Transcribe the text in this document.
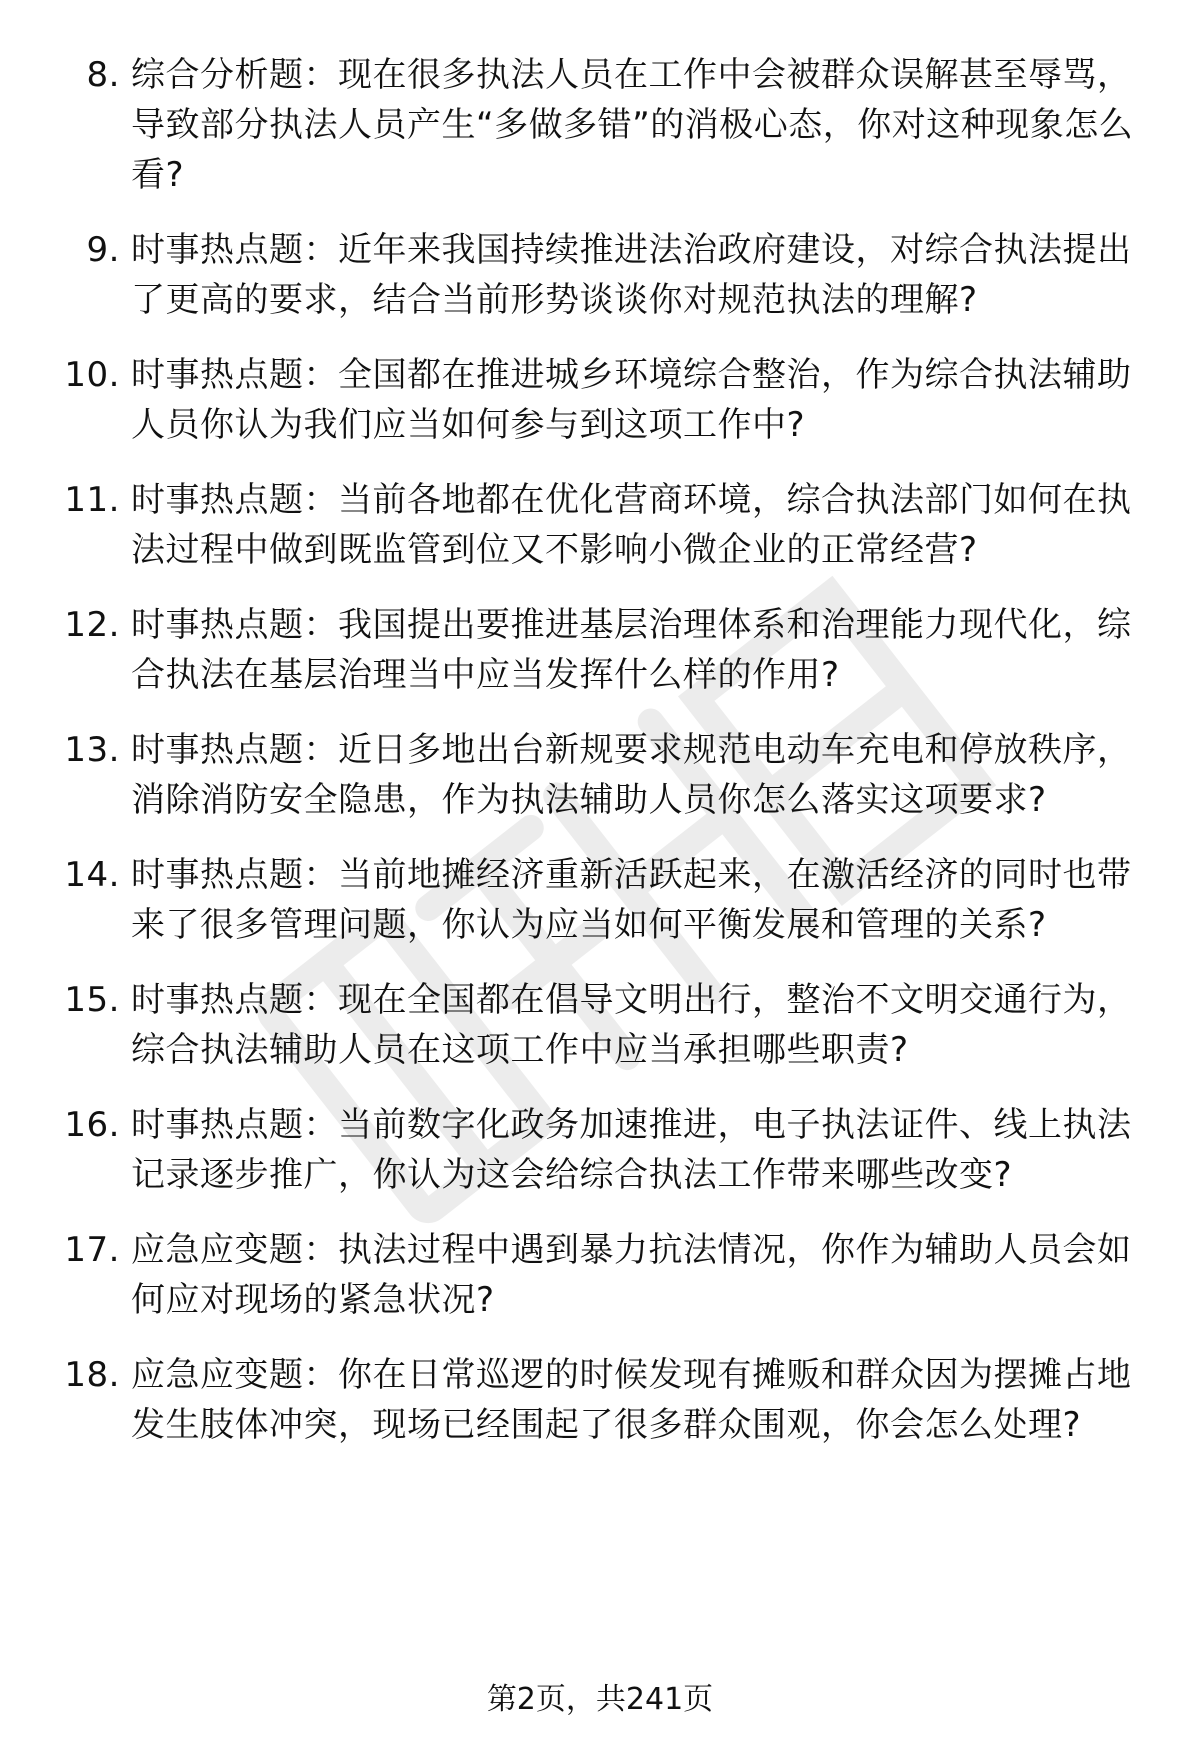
8. 综合分析题：现在很多执法人员在工作中会被群众误解甚至辱骂，导致部分执法人员产生“多做多错”的消极心态，你对这种现象怎么看?
9. 时事热点题：近年来我国持续推进法治政府建设，对综合执法提出了更高的要求，结合当前形势谈谈你对规范执法的理解?
10. 时事热点题：全国都在推进城乡环境综合整治，作为综合执法辅助人员你认为我们应当如何参与到这项工作中?
11. 时事热点题：当前各地都在优化营商环境，综合执法部门如何在执法过程中做到既监管到位又不影响小微企业的正常经营?
12. 时事热点题：我国提出要推进基层治理体系和治理能力现代化，综合执法在基层治理当中应当发挥什么样的作用?
13. 时事热点题：近日多地出台新规要求规范电动车充电和停放秩序，消除消防安全隐患，作为执法辅助人员你怎么落实这项要求?
14. 时事热点题：当前地摊经济重新活跃起来，在激活经济的同时也带来了很多管理问题，你认为应当如何平衡发展和管理的关系?
15. 时事热点题：现在全国都在倡导文明出行，整治不文明交通行为，综合执法辅助人员在这项工作中应当承担哪些职责?
16. 时事热点题：当前数字化政务加速推进，电子执法证件、线上执法记录逐步推广，你认为这会给综合执法工作带来哪些改变?
17. 应急应变题：执法过程中遇到暴力抗法情况，你作为辅助人员会如何应对现场的紧急状况?
18. 应急应变题：你在日常巡逻的时候发现有摊贩和群众因为摆摊占地发生肢体冲突，现场已经围起了很多群众围观，你会怎么处理?
第2页，共241页
